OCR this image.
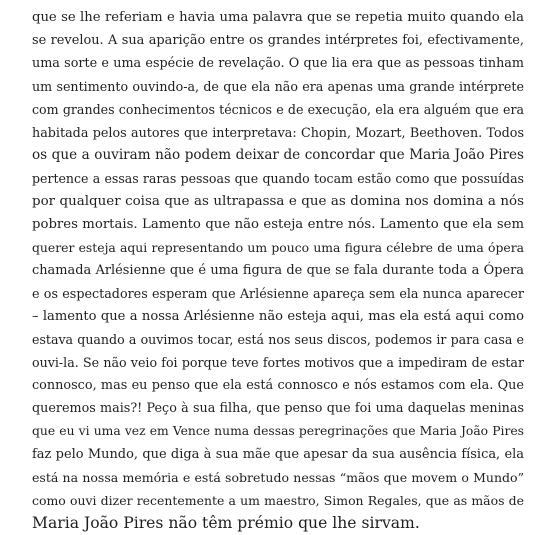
que se lhe referiam e havia uma palavra que se repetia muito quando ela
se revelou. A sua aparição entre os grandes intérpretes foi, efectivamente,
uma sorte e uma espécie de revelação. O que lia era que as pessoas tinham
um sentimento ouvindo-a, de que ela não era apenas uma grande intérprete
com grandes conhecimentos técnicos e de execução, ela era alguém que era
habitada pelos autores que interpretava: Chopin, Mozart, Beethoven. Todos
os que a ouviram não podem deixar de concordar que Maria João Pires
pertence a essas raras pessoas que quando tocam estão como que possuídas
por qualquer coisa que as ultrapassa e que as domina nos domina a nós
pobres mortais. Lamento que não esteja entre nós. Lamento que ela sem
querer esteja aqui representando um pouco uma figura célebre de uma ópera
chamada Arlésienne que é uma figura de que se fala durante toda a Ópera
e os espectadores esperam que Arlésienne apareça sem ela nunca aparecer
– lamento que a nossa Arlésienne não esteja aqui, mas ela está aqui como
estava quando a ouvimos tocar, está nos seus discos, podemos ir para casa e
ouvi-la. Se não veio foi porque teve fortes motivos que a impediram de estar
connosco, mas eu penso que ela está connosco e nós estamos com ela. Que
queremos mais?! Peço à sua filha, que penso que foi uma daquelas meninas
que eu vi uma vez em Vence numa dessas peregrinações que Maria João Pires
faz pelo Mundo, que diga à sua mãe que apesar da sua ausência física, ela
está na nossa memória e está sobretudo nessas “mãos que movem o Mundo”
como ouvi dizer recentemente a um maestro, Simon Regales, que as mãos de
Maria João Pires não têm prémio que lhe sirvam.
